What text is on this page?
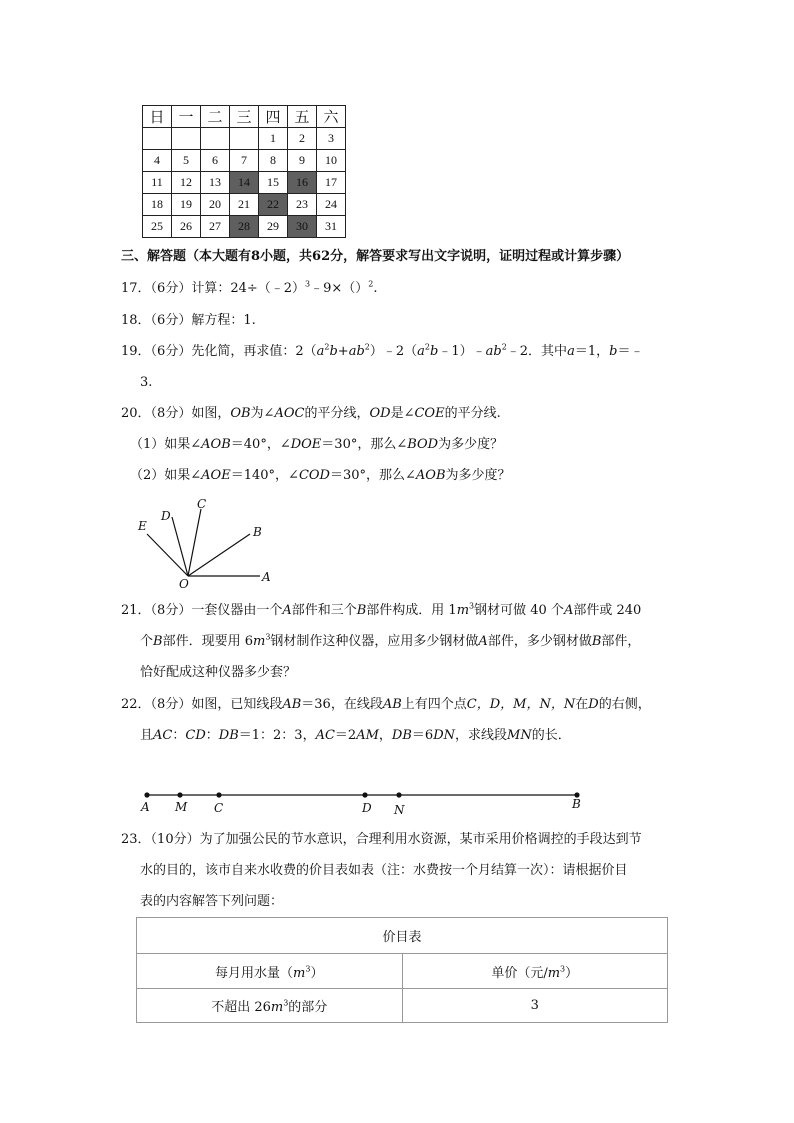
日	一	二	三	四	五	六
				1	2	3
4	5	6	7	8	9	10
11	12	13	14	15	16	17
18	19	20	21	22	23	24
25	26	27	28	29	30	31
三、解答题（本大题有8小题，共62分，解答要求写出文字说明，证明过程或计算步骤）
17．（6分）计算：24÷（﹣2）$^3$﹣9×（）$^2$.
18．（6分）解方程：1.
19．（6分）先化简，再求值：$2(a^2b+ab^2)﹣2(a^2b﹣1)﹣ab^2﹣2$．其中a＝1，b＝﹣
3.
20．（8分）如图，OB为∠AOC的平分线，OD是∠COE的平分线.
（1）如果∠AOB＝40°，∠DOE＝30°，那么∠BOD为多少度？
（2）如果∠AOE＝140°，∠COD＝30°，那么∠AOB为多少度？
E
D
C
B
O	A
21．（8分）一套仪器由一个A部件和三个B部件构成．用 $1m^3$钢材可做 40 个A部件或 240
个B部件．现要用 $6m^3$钢材制作这种仪器，应用多少钢材做A部件，多少钢材做B部件，
恰好配成这种仪器多少套？
22．（8分）如图，已知线段AB＝36，在线段AB上有四个点C，D，M，N，N在D的右侧，
且AC：CD：DB＝1：2：3，AC＝2AM，DB＝6DN，求线段MN的长．
A M C	D N	B
23．（10分）为了加强公民的节水意识，合理利用水资源，某市采用价格调控的手段达到节
水的目的，该市自来水收费的价目表如表（注：水费按一个月结算一次）：请根据价目
表的内容解答下列问题：
价目表	
每月用水量$(m^3)$	单价（元$/m^3$）
不超出 $26m^3$的部分	3
